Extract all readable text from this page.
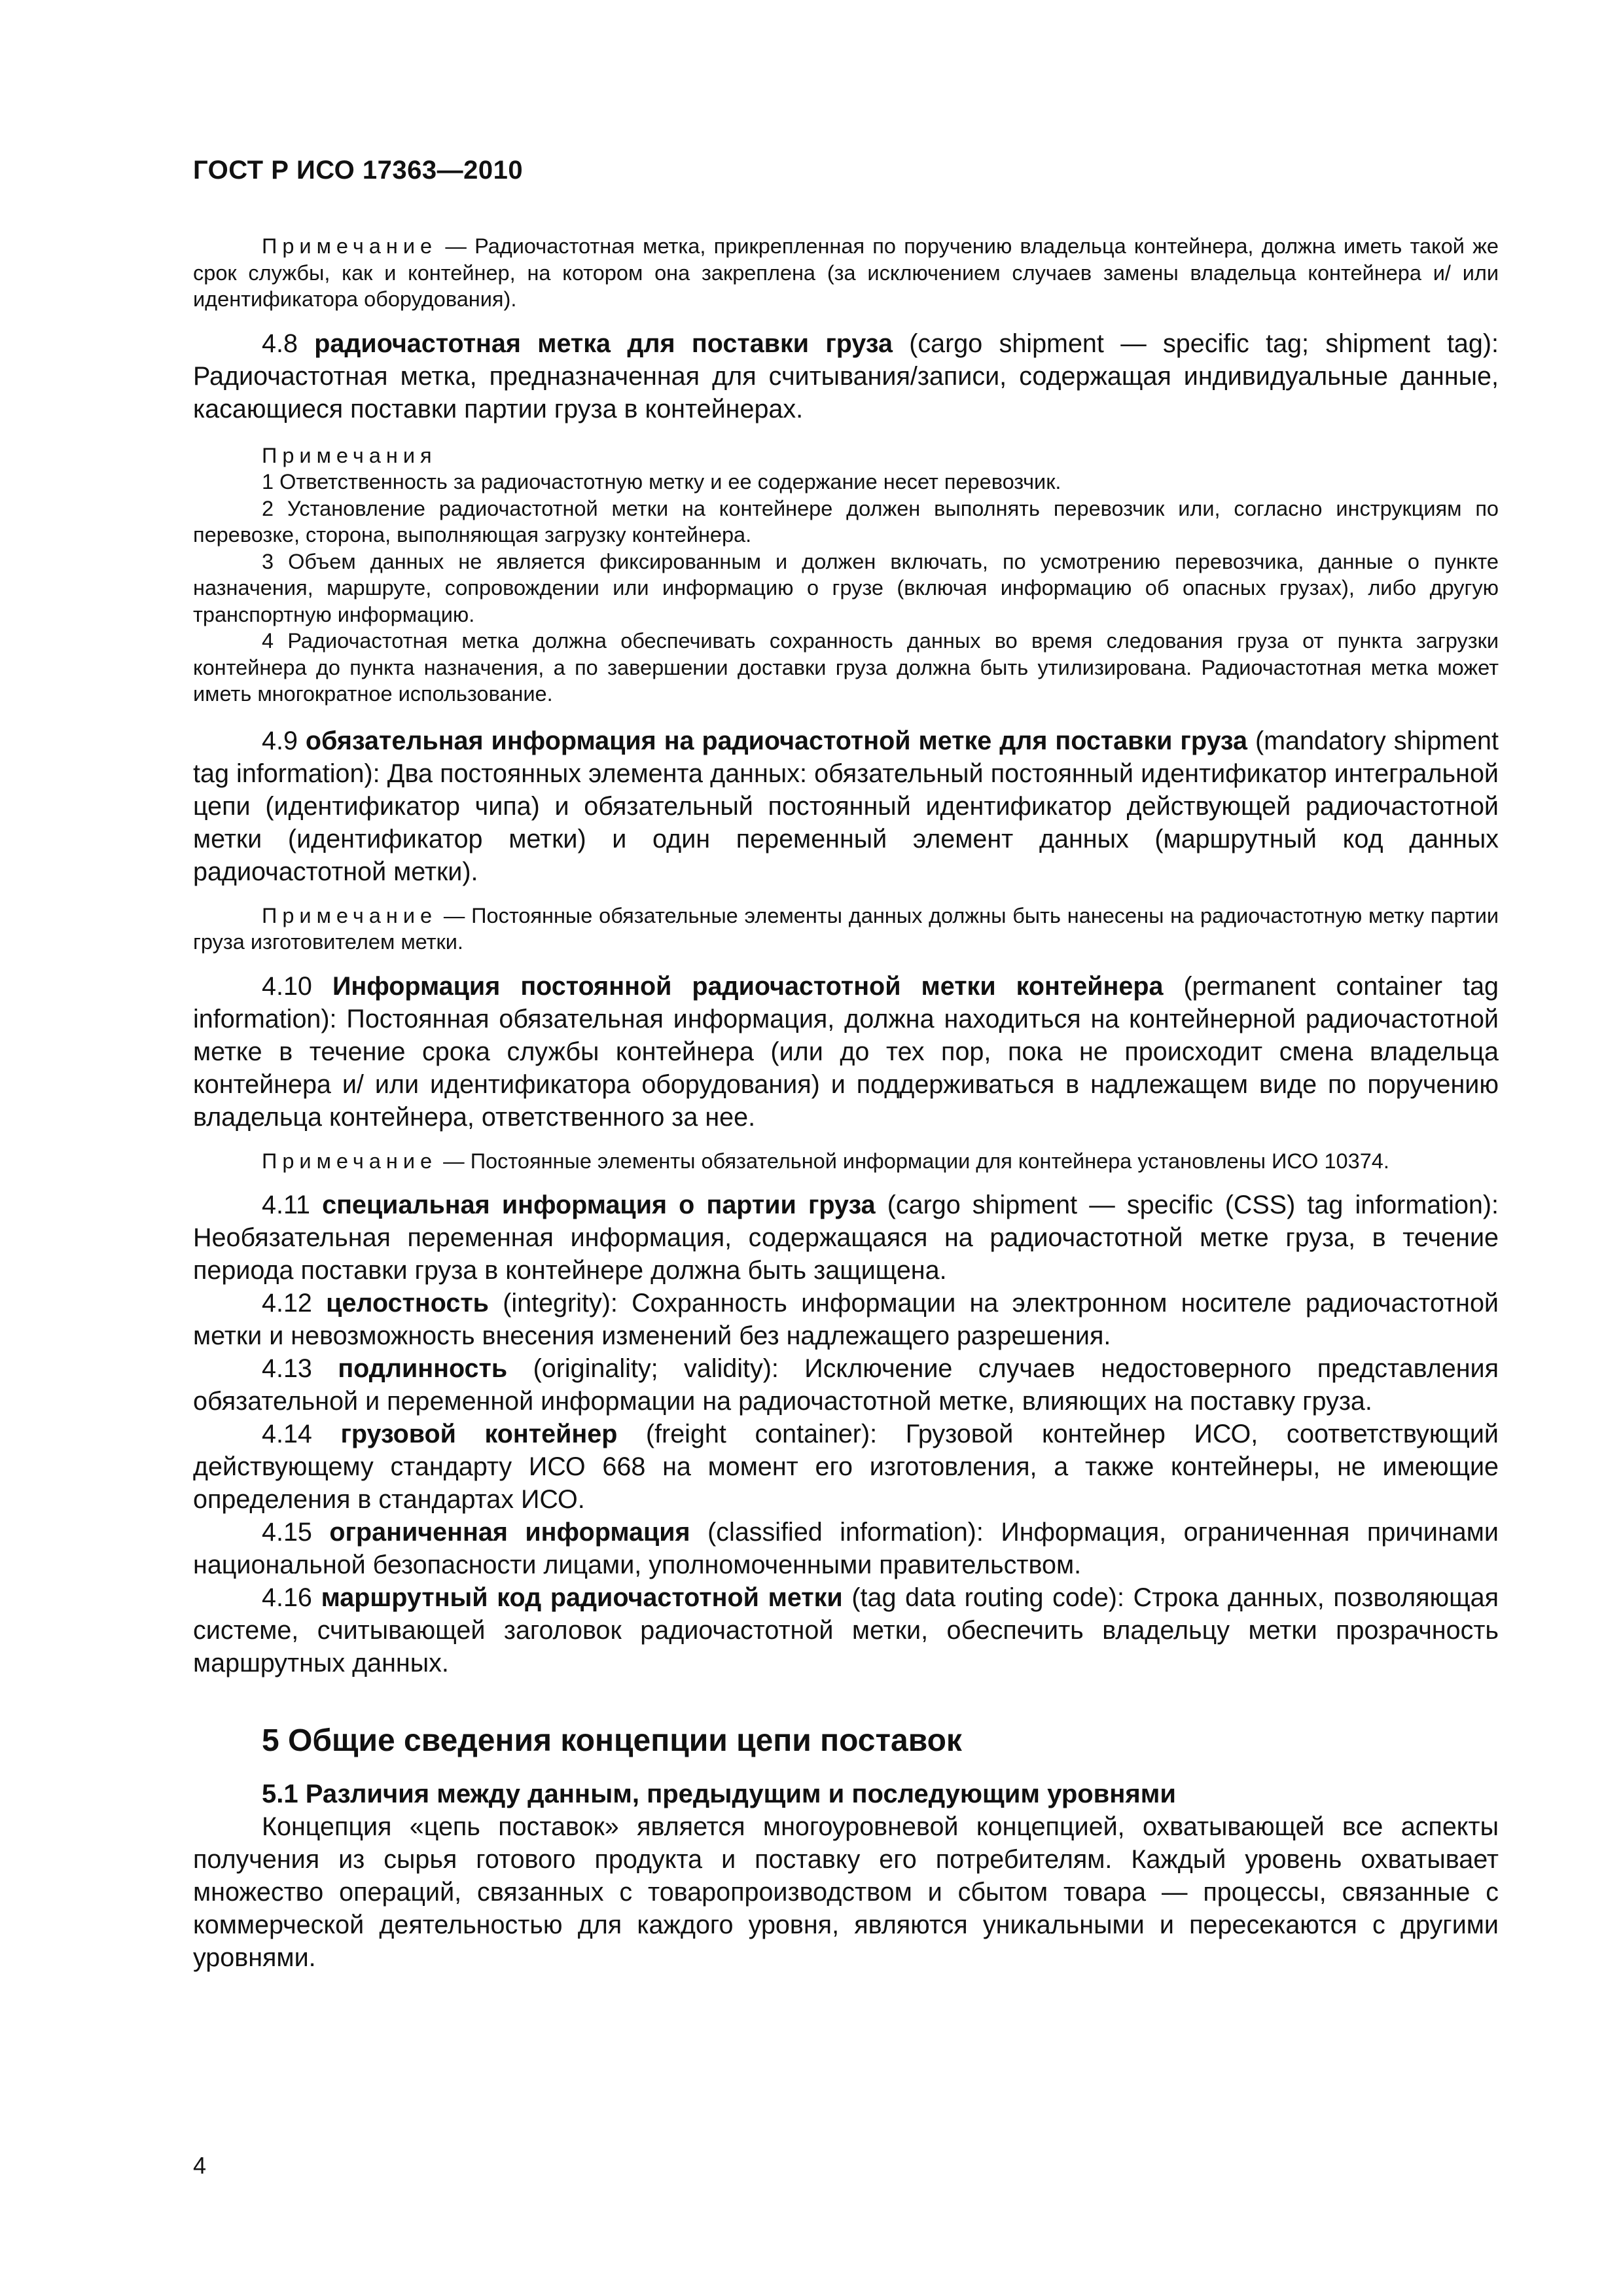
ГОСТ Р ИСО 17363—2010

Примечание — Радиочастотная метка, прикрепленная по поручению владельца контейнера, должна иметь такой же срок службы, как и контейнер, на котором она закреплена (за исключением случаев замены владельца контейнера и/ или идентификатора оборудования).

4.8 радиочастотная метка для поставки груза (cargo shipment — specific tag; shipment tag): Радиочастотная метка, предназначенная для считывания/записи, содержащая индивидуальные данные, касающиеся поставки партии груза в контейнерах.

Примечания

1 Ответственность за радиочастотную метку и ее содержание несет перевозчик.

2 Установление радиочастотной метки на контейнере должен выполнять перевозчик или, согласно инструкциям по перевозке, сторона, выполняющая загрузку контейнера.

3 Объем данных не является фиксированным и должен включать, по усмотрению перевозчика, данные о пункте назначения, маршруте, сопровождении или информацию о грузе (включая информацию об опасных грузах), либо другую транспортную информацию.

4 Радиочастотная метка должна обеспечивать сохранность данных во время следования груза от пункта загрузки контейнера до пункта назначения, а по завершении доставки груза должна быть утилизирована. Радиочастотная метка может иметь многократное использование.

4.9 обязательная информация на радиочастотной метке для поставки груза (mandatory shipment tag information): Два постоянных элемента данных: обязательный постоянный идентификатор интегральной цепи (идентификатор чипа) и обязательный постоянный идентификатор действующей радиочастотной метки (идентификатор метки) и один переменный элемент данных (маршрутный код данных радиочастотной метки).

Примечание — Постоянные обязательные элементы данных должны быть нанесены на радиочастотную метку партии груза изготовителем метки.

4.10 Информация постоянной радиочастотной метки контейнера (permanent container tag information): Постоянная обязательная информация, должна находиться на контейнерной радиочастотной метке в течение срока службы контейнера (или до тех пор, пока не происходит смена владельца контейнера и/ или идентификатора оборудования) и поддерживаться в надлежащем виде по поручению владельца контейнера, ответственного за нее.

Примечание — Постоянные элементы обязательной информации для контейнера установлены ИСО 10374.

4.11 специальная информация о партии груза (cargo shipment — specific (CSS) tag information): Необязательная переменная информация, содержащаяся на радиочастотной метке груза, в течение периода поставки груза в контейнере должна быть защищена.

4.12 целостность (integrity): Сохранность информации на электронном носителе радиочастотной метки и невозможность внесения изменений без надлежащего разрешения.

4.13 подлинность (originality; validity): Исключение случаев недостоверного представления обязательной и переменной информации на радиочастотной метке, влияющих на поставку груза.

4.14 грузовой контейнер (freight container): Грузовой контейнер ИСО, соответствующий действующему стандарту ИСО 668 на момент его изготовления, а также контейнеры, не имеющие определения в стандартах ИСО.

4.15 ограниченная информация (classified information): Информация, ограниченная причинами национальной безопасности лицами, уполномоченными правительством.

4.16 маршрутный код радиочастотной метки (tag data routing code): Строка данных, позволяющая системе, считывающей заголовок радиочастотной метки, обеспечить владельцу метки прозрачность маршрутных данных.

5 Общие сведения концепции цепи поставок

5.1 Различия между данным, предыдущим и последующим уровнями

Концепция «цепь поставок» является многоуровневой концепцией, охватывающей все аспекты получения из сырья готового продукта и поставку его потребителям. Каждый уровень охватывает множество операций, связанных с товаропроизводством и сбытом товара — процессы, связанные с коммерческой деятельностью для каждого уровня, являются уникальными и пересекаются с другими уровнями.

4
